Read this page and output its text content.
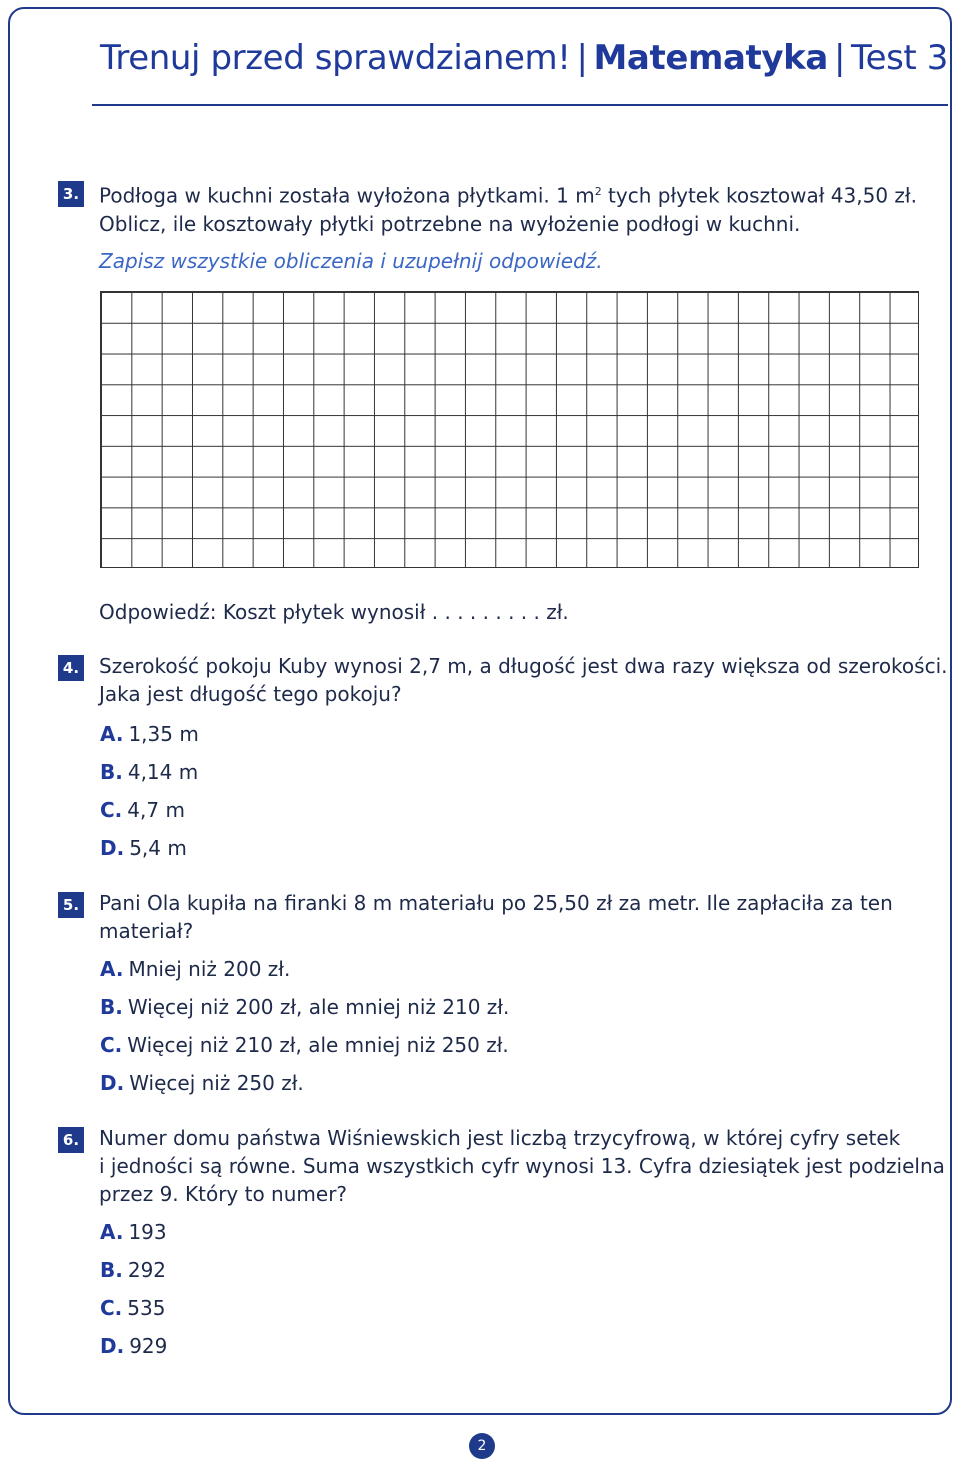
Trenuj przed sprawdzianem! | Matematyka | Test 3
3. Podłoga w kuchni została wyłożona płytkami. 1 $m^2$ tych płytek kosztował 43,50 zł.
Oblicz, ile kosztowały płytki potrzebne na wyłożenie podłogi w kuchni.
Zapisz wszystkie obliczenia i uzupełnij odpowiedź.
Odpowiedź: Koszt płytek wynosił . . . . . . . . . zł.
4. Szerokość pokoju Kuby wynosi 2,7 m, a długość jest dwa razy większa od szerokości.
Jaka jest długość tego pokoju?
A. 1,35 m
B. 4,14 m
C. 4,7 m
D. 5,4 m
5. Pani Ola kupiła na firanki 8 m materiału po 25,50 zł za metr. Ile zapłaciła za ten
materiał?
A. Mniej niż 200 zł.
B. Więcej niż 200 zł, ale mniej niż 210 zł.
C. Więcej niż 210 zł, ale mniej niż 250 zł.
D. Więcej niż 250 zł.
6. Numer domu państwa Wiśniewskich jest liczbą trzycyfrową, w której cyfry setek
i jedności są równe. Suma wszystkich cyfr wynosi 13. Cyfra dziesiątek jest podzielna
przez 9. Który to numer?
A. 193
B. 292
C. 535
D. 929
2
